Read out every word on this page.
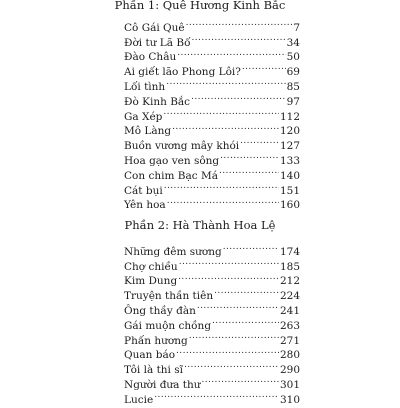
Phần 1: Quê Hương Kinh Bắc
Cô Gái Quê .....	7
Đời tư Lã Bố .....	34
Đào Châu .....	50
Ai giết lão Phong Lôi? .....	69
Lối tình .....	85
Đò Kinh Bắc .....	97
Ga Xép .....	112
Mô Làng .....	120
Buồn vương mây khói .....	127
Hoa gạo ven sông .....	133
Con chim Bạc Má .....	140
Cát bụi .....	151
Yên hoa .....	160
Phần 2: Hà Thành Hoa Lệ
Những đêm sương .....	174
Chợ chiều .....	185
Kim Dung .....	212
Truyện thần tiên .....	224
Ông thầy đàn .....	241
Gái muộn chồng .....	263
Phấn hương .....	271
Quan báo .....	280
Tôi là thi sĩ .....	290
Người đưa thư .....	301
Lucie .....	310
